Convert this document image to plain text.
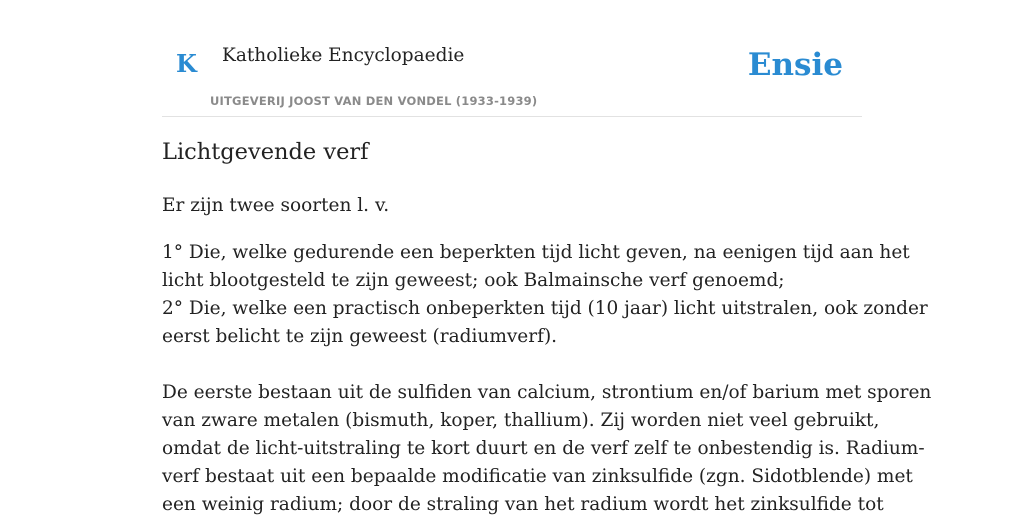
K Katholieke Encyclopaedie
UITGEVERIJ JOOST VAN DEN VONDEL (1933-1939)
Ensie
Lichtgevende verf

Er zijn twee soorten l. v.

1° Die, welke gedurende een beperkten tijd licht geven, na eenigen tijd aan het
licht blootgesteld te zijn geweest; ook Balmainsche verf genoemd;
2° Die, welke een practisch onbeperkten tijd (10 jaar) licht uitstralen, ook zonder
eerst belicht te zijn geweest (radiumverf).

De eerste bestaan uit de sulfiden van calcium, strontium en/of barium met sporen
van zware metalen (bismuth, koper, thallium). Zij worden niet veel gebruikt,
omdat de licht-uitstraling te kort duurt en de verf zelf te onbestendig is. Radium-
verf bestaat uit een bepaalde modificatie van zinksulfide (zgn. Sidotblende) met
een weinig radium; door de straling van het radium wordt het zinksulfide tot
